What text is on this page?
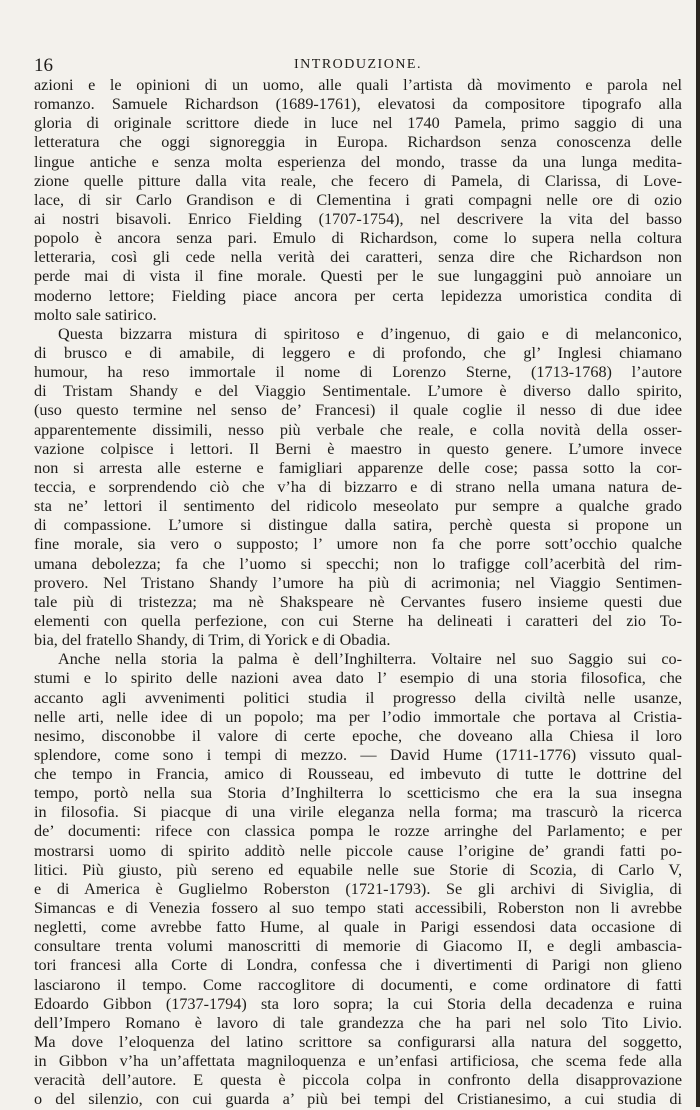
16	INTRODUZIONE.
azioni e le opinioni di un uomo, alle quali l’artista dà movimento e parola nel
romanzo. Samuele Richardson (1689-1761), elevatosi da compositore tipografo alla
gloria di originale scrittore diede in luce nel 1740 Pamela, primo saggio di una
letteratura che oggi signoreggia in Europa. Richardson senza conoscenza delle
lingue antiche e senza molta esperienza del mondo, trasse da una lunga medita-
zione quelle pitture dalla vita reale, che fecero di Pamela, di Clarissa, di Love-
lace, di sir Carlo Grandison e di Clementina i grati compagni nelle ore di ozio
ai nostri bisavoli. Enrico Fielding (1707-1754), nel descrivere la vita del basso
popolo è ancora senza pari. Emulo di Richardson, come lo supera nella coltura
letteraria, così gli cede nella verità dei caratteri, senza dire che Richardson non
perde mai di vista il fine morale. Questi per le sue lungaggini può annoiare un
moderno lettore; Fielding piace ancora per certa lepidezza umoristica condita di
molto sale satirico.
Questa bizzarra mistura di spiritoso e d’ingenuo, di gaio e di melanconico,
di brusco e di amabile, di leggero e di profondo, che gl’ Inglesi chiamano
humour, ha reso immortale il nome di Lorenzo Sterne, (1713-1768) l’autore
di Tristam Shandy e del Viaggio Sentimentale. L’umore è diverso dallo spirito,
(uso questo termine nel senso de’ Francesi) il quale coglie il nesso di due idee
apparentemente dissimili, nesso più verbale che reale, e colla novità della osser-
vazione colpisce i lettori. Il Berni è maestro in questo genere. L’umore invece
non si arresta alle esterne e famigliari apparenze delle cose; passa sotto la cor-
teccia, e sorprendendo ciò che v’ha di bizzarro e di strano nella umana natura de-
sta ne’ lettori il sentimento del ridicolo meseolato pur sempre a qualche grado
di compassione. L’umore si distingue dalla satira, perchè questa si propone un
fine morale, sia vero o supposto; l’ umore non fa che porre sott’occhio qualche
umana debolezza; fa che l’uomo si specchi; non lo trafigge coll’acerbità del rim-
provero. Nel Tristano Shandy l’umore ha più di acrimonia; nel Viaggio Sentimen-
tale più di tristezza; ma nè Shakspeare nè Cervantes fusero insieme questi due
elementi con quella perfezione, con cui Sterne ha delineati i caratteri del zio To-
bia, del fratello Shandy, di Trim, di Yorick e di Obadia.
Anche nella storia la palma è dell’Inghilterra. Voltaire nel suo Saggio sui co-
stumi e lo spirito delle nazioni avea dato l’ esempio di una storia filosofica, che
accanto agli avvenimenti politici studia il progresso della civiltà nelle usanze,
nelle arti, nelle idee di un popolo; ma per l’odio immortale che portava al Cristia-
nesimo, disconobbe il valore di certe epoche, che doveano alla Chiesa il loro
splendore, come sono i tempi di mezzo. — David Hume (1711-1776) vissuto qual-
che tempo in Francia, amico di Rousseau, ed imbevuto di tutte le dottrine del
tempo, portò nella sua Storia d’Inghilterra lo scetticismo che era la sua insegna
in filosofia. Si piacque di una virile eleganza nella forma; ma trascurò la ricerca
de’ documenti: rifece con classica pompa le rozze arringhe del Parlamento; e per
mostrarsi uomo di spirito additò nelle piccole cause l’origine de’ grandi fatti po-
litici. Più giusto, più sereno ed equabile nelle sue Storie di Scozia, di Carlo V,
e di America è Guglielmo Roberston (1721-1793). Se gli archivi di Siviglia, di
Simancas e di Venezia fossero al suo tempo stati accessibili, Roberston non li avrebbe
negletti, come avrebbe fatto Hume, al quale in Parigi essendosi data occasione di
consultare trenta volumi manoscritti di memorie di Giacomo II, e degli ambascia-
tori francesi alla Corte di Londra, confessa che i divertimenti di Parigi non glieno
lasciarono il tempo. Come raccoglitore di documenti, e come ordinatore di fatti
Edoardo Gibbon (1737-1794) sta loro sopra; la cui Storia della decadenza e ruina
dell’Impero Romano è lavoro di tale grandezza che ha pari nel solo Tito Livio.
Ma dove l’eloquenza del latino scrittore sa configurarsi alla natura del soggetto,
in Gibbon v’ha un’affettata magniloquenza e un’enfasi artificiosa, che scema fede alla
veracità dell’autore. E questa è piccola colpa in confronto della disapprovazione
o del silenzio, con cui guarda a’ più bei tempi del Cristianesimo, a cui studia di
